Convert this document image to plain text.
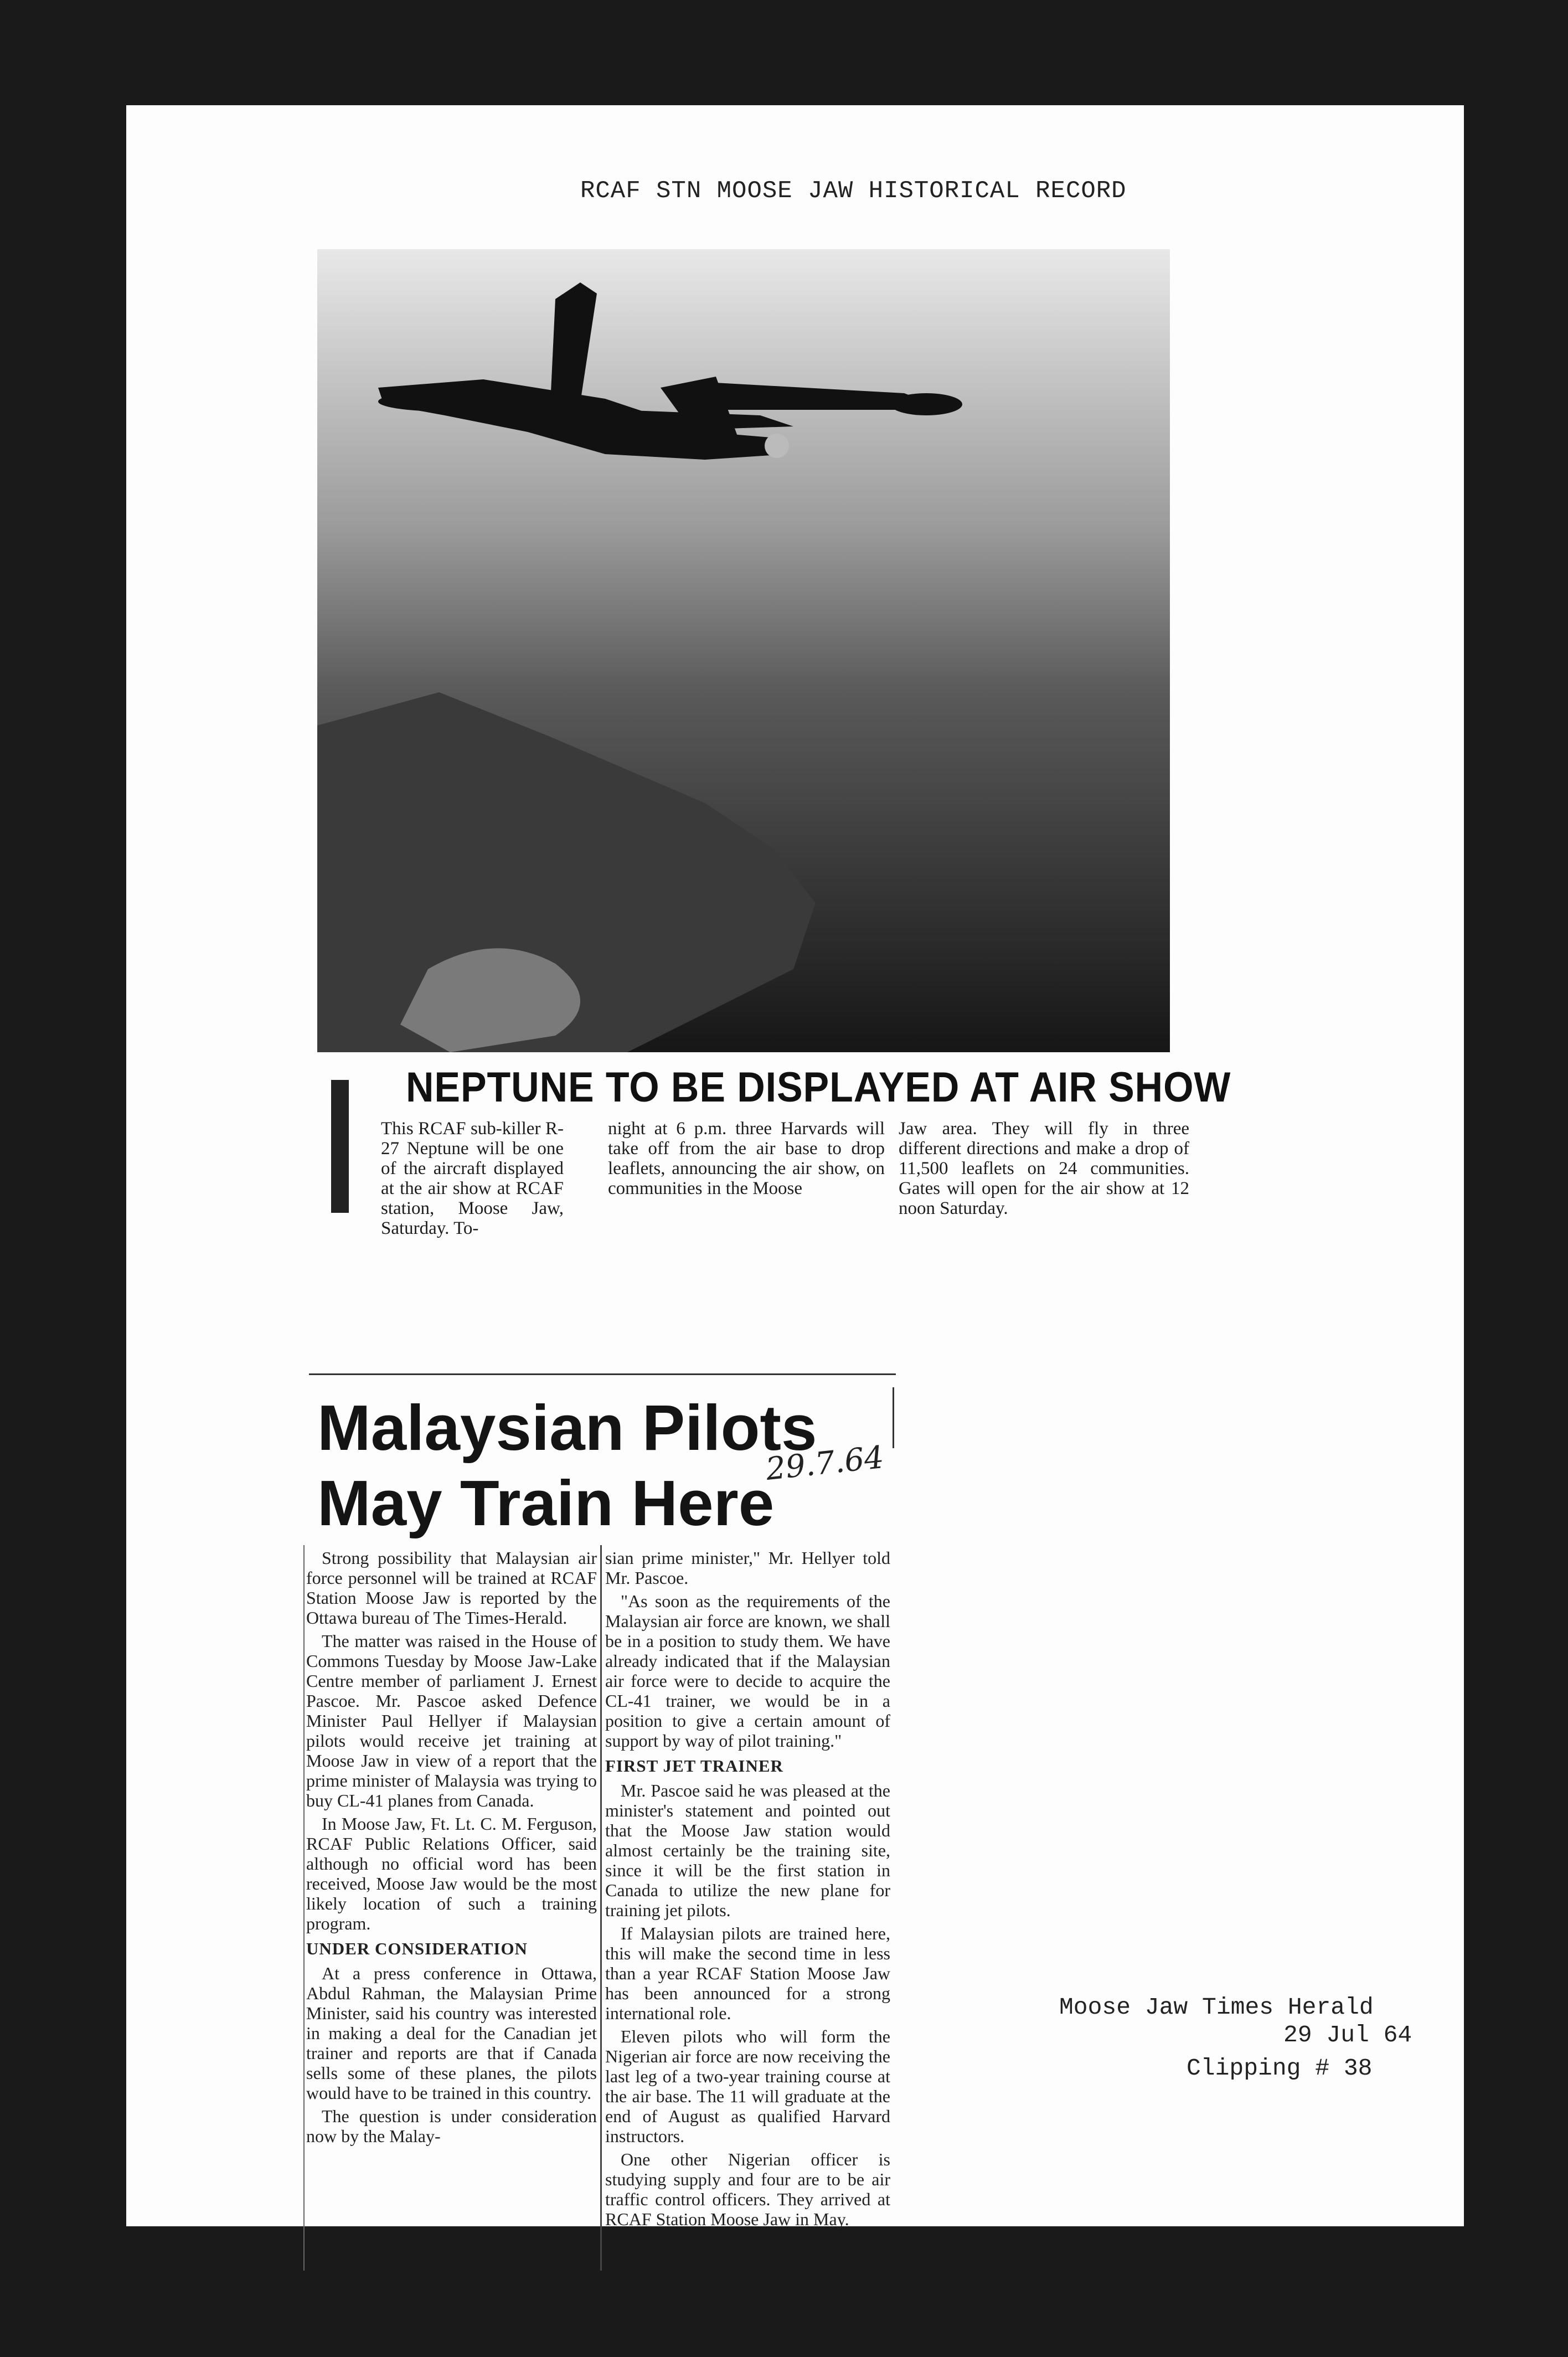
RCAF STN MOOSE JAW HISTORICAL RECORD
NEPTUNE TO BE DISPLAYED AT AIR SHOW
This RCAF sub-killer R-27 Neptune will be one of the aircraft displayed at the air show at RCAF station, Moose Jaw, Saturday. To-
night at 6 p.m. three Harvards will take off from the air base to drop leaflets, announcing the air show, on communities in the Moose
Jaw area. They will fly in three different directions and make a drop of 11,500 leaflets on 24 communities. Gates will open for the air show at 12 noon Saturday.
Malaysian Pilots
May Train Here
29.7.64

Strong possibility that Malaysian air force personnel will be trained at RCAF Station Moose Jaw is reported by the Ottawa bureau of The Times-Herald.

The matter was raised in the House of Commons Tuesday by Moose Jaw-Lake Centre member of parliament J. Ernest Pascoe. Mr. Pascoe asked Defence Minister Paul Hellyer if Malaysian pilots would receive jet training at Moose Jaw in view of a report that the prime minister of Malaysia was trying to buy CL-41 planes from Canada.

In Moose Jaw, Ft. Lt. C. M. Ferguson, RCAF Public Relations Officer, said although no official word has been received, Moose Jaw would be the most likely location of such a training program.

UNDER CONSIDERATION

At a press conference in Ottawa, Abdul Rahman, the Malaysian Prime Minister, said his country was interested in making a deal for the Canadian jet trainer and reports are that if Canada sells some of these planes, the pilots would have to be trained in this country.

The question is under consideration now by the Malay-

sian prime minister," Mr. Hellyer told Mr. Pascoe.

"As soon as the requirements of the Malaysian air force are known, we shall be in a position to study them. We have already indicated that if the Malaysian air force were to decide to acquire the CL-41 trainer, we would be in a position to give a certain amount of support by way of pilot training."

FIRST JET TRAINER

Mr. Pascoe said he was pleased at the minister's statement and pointed out that the Moose Jaw station would almost certainly be the training site, since it will be the first station in Canada to utilize the new plane for training jet pilots.

If Malaysian pilots are trained here, this will make the second time in less than a year RCAF Station Moose Jaw has been announced for a strong international role.

Eleven pilots who will form the Nigerian air force are now receiving the last leg of a two-year training course at the air base. The 11 will graduate at the end of August as qualified Harvard instructors.

One other Nigerian officer is studying supply and four are to be air traffic control officers. They arrived at RCAF Station Moose Jaw in May.

Moose Jaw Times Herald
29 Jul 64
Clipping # 38
